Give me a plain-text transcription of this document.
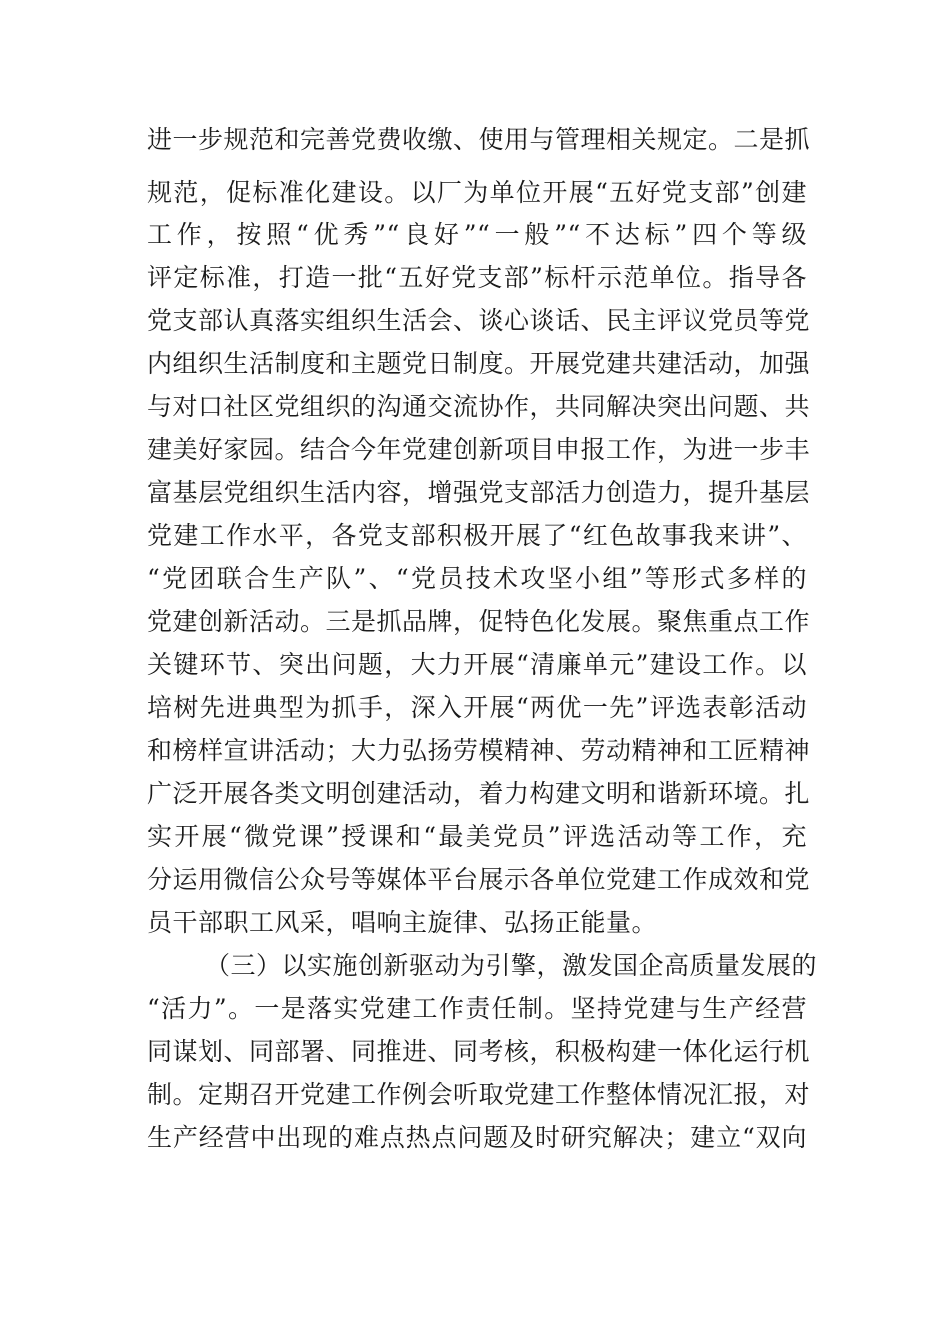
进一步规范和完善党费收缴、使用与管理相关规定。二是抓
规范，促标准化建设。以厂为单位开展“五好党支部”创建
工作，按照“优秀”“良好”“一般”“不达标”四个等级
评定标准，打造一批“五好党支部”标杆示范单位。指导各
党支部认真落实组织生活会、谈心谈话、民主评议党员等党
内组织生活制度和主题党日制度。开展党建共建活动，加强
与对口社区党组织的沟通交流协作，共同解决突出问题、共
建美好家园。结合今年党建创新项目申报工作，为进一步丰
富基层党组织生活内容，增强党支部活力创造力，提升基层
党建工作水平，各党支部积极开展了“红色故事我来讲”、
“党团联合生产队”、“党员技术攻坚小组”等形式多样的
党建创新活动。三是抓品牌，促特色化发展。聚焦重点工作
关键环节、突出问题，大力开展“清廉单元”建设工作。以
培树先进典型为抓手，深入开展“两优一先”评选表彰活动
和榜样宣讲活动；大力弘扬劳模精神、劳动精神和工匠精神
广泛开展各类文明创建活动，着力构建文明和谐新环境。扎
实开展“微党课”授课和“最美党员”评选活动等工作，充
分运用微信公众号等媒体平台展示各单位党建工作成效和党
员干部职工风采，唱响主旋律、弘扬正能量。
（三）以实施创新驱动为引擎，激发国企高质量发展的
“活力”。一是落实党建工作责任制。坚持党建与生产经营
同谋划、同部署、同推进、同考核，积极构建一体化运行机
制。定期召开党建工作例会听取党建工作整体情况汇报，对
生产经营中出现的难点热点问题及时研究解决；建立“双向
